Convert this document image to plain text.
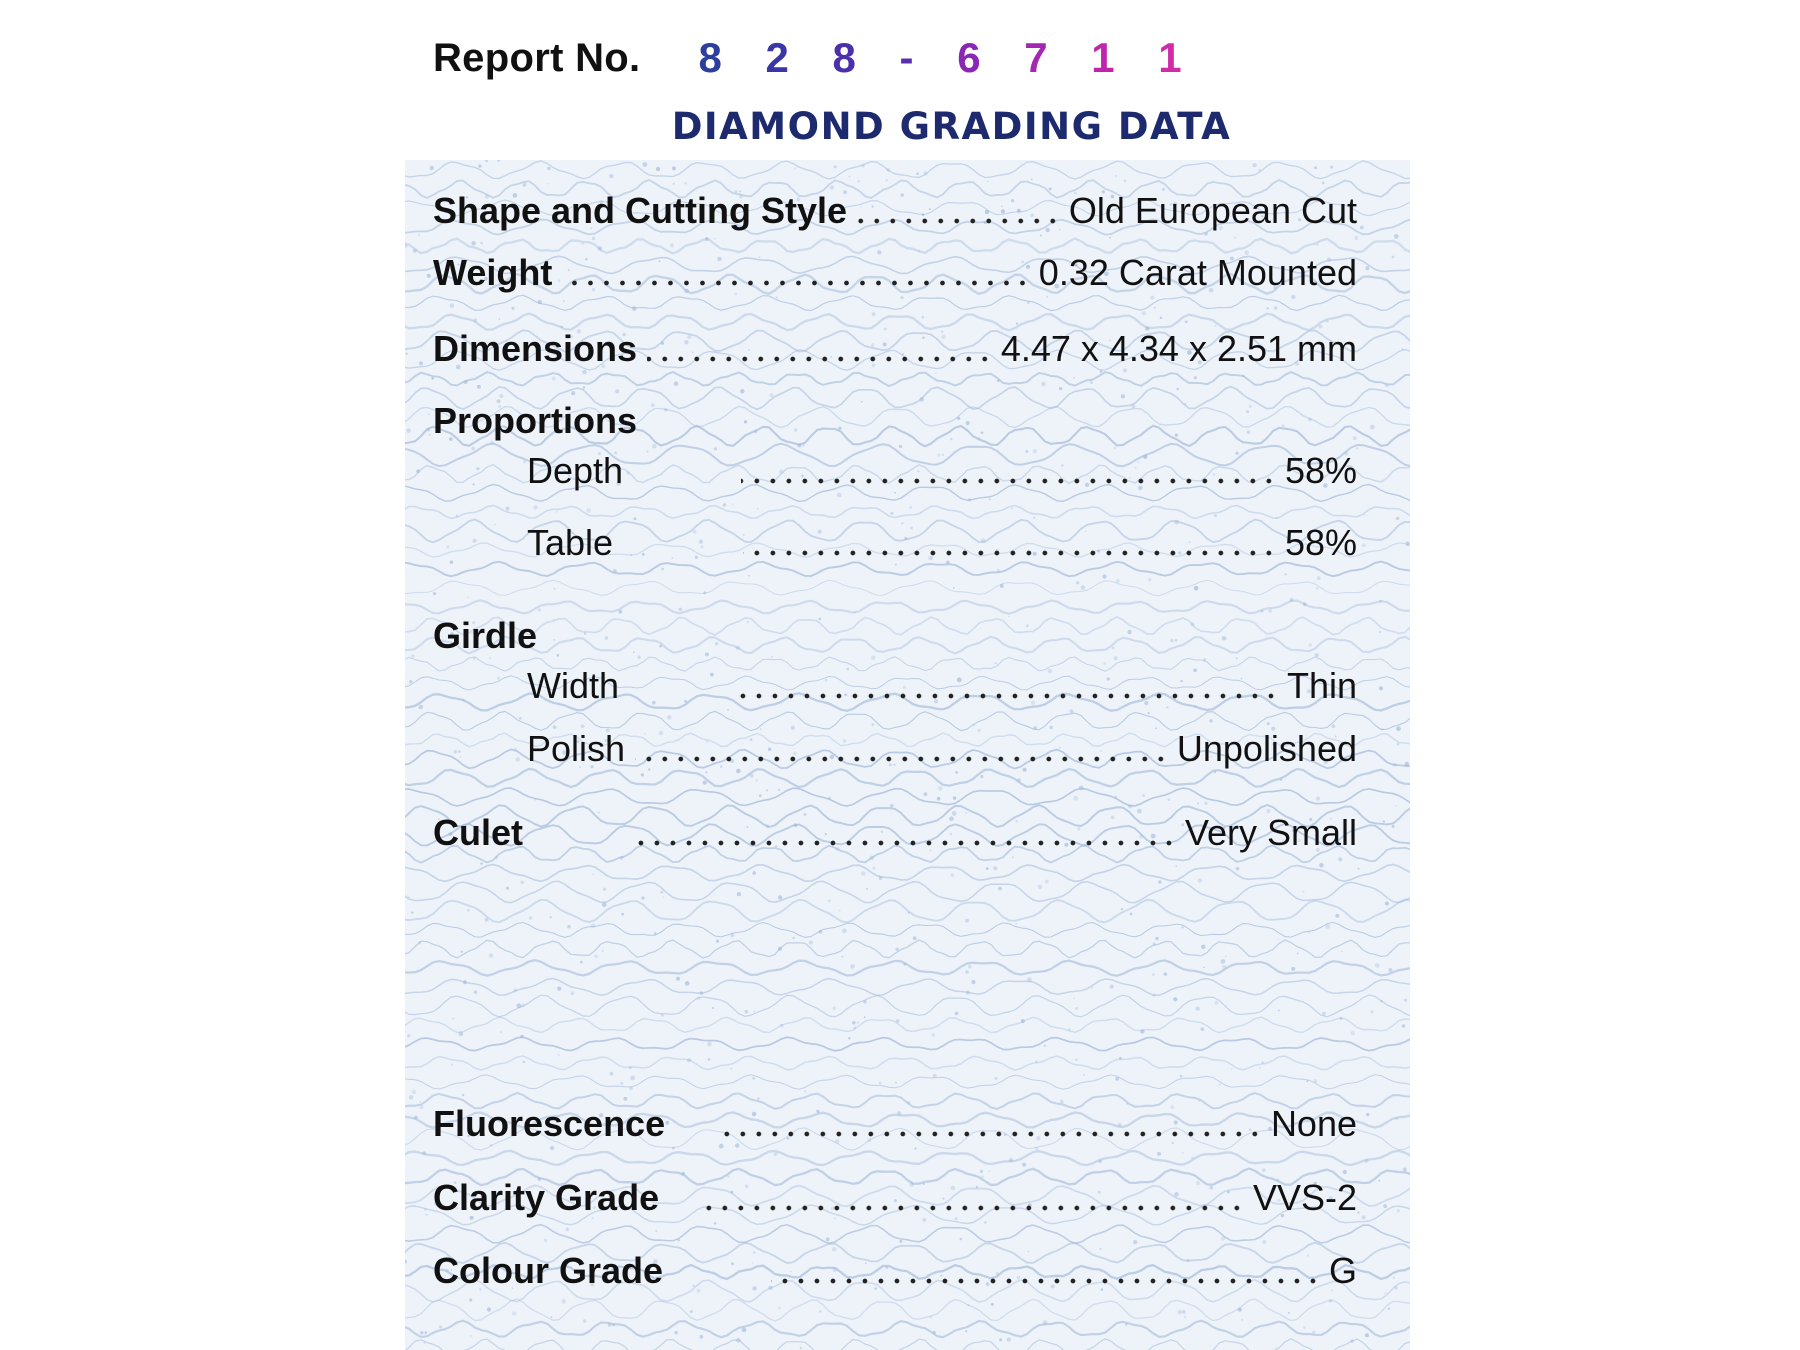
Report No. 8 2 8 - 6 7 1 1
DIAMOND GRADING DATA
Shape and Cutting Style	Old European Cut
Weight	0.32 Carat Mounted
Dimensions	4.47 x 4.34 x 2.51 mm
Proportions
Depth	58%
Table	58%
Girdle
Width	Thin
Polish	Unpolished
Culet	Very Small
Fluorescence	None
Clarity Grade	VVS-2
Colour Grade	G
